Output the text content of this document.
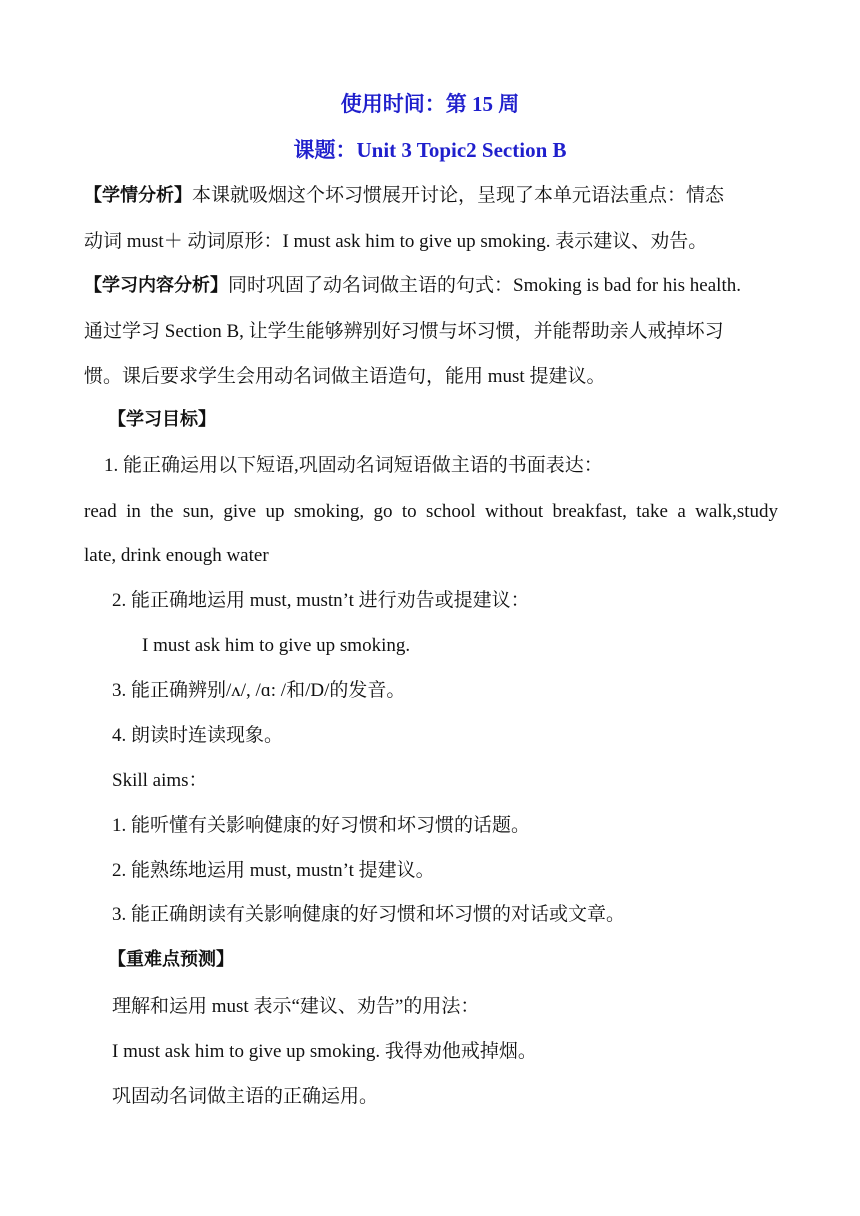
使用时间：第 15 周
课题：Unit 3 Topic2 Section B
【学情分析】本课就吸烟这个坏习惯展开讨论，呈现了本单元语法重点：情态
动词 must＋ 动词原形：I must ask him to give up smoking. 表示建议、劝告。
【学习内容分析】同时巩固了动名词做主语的句式：Smoking is bad for his health.
通过学习 Section B, 让学生能够辨别好习惯与坏习惯，并能帮助亲人戒掉坏习
惯。课后要求学生会用动名词做主语造句，能用 must 提建议。
【学习目标】
1. 能正确运用以下短语,巩固动名词短语做主语的书面表达：
read in the sun, give up smoking, go to school without breakfast, take a walk,study
late, drink enough water
2. 能正确地运用 must, mustn’t 进行劝告或提建议：
I must ask him to give up smoking.
3. 能正确辨别/ʌ/, /ɑ: /和/D/的发音。
4. 朗读时连读现象。
Skill aims：
1. 能听懂有关影响健康的好习惯和坏习惯的话题。
2. 能熟练地运用 must, mustn’t 提建议。
3. 能正确朗读有关影响健康的好习惯和坏习惯的对话或文章。
【重难点预测】
理解和运用 must 表示“建议、劝告”的用法：
I must ask him to give up smoking. 我得劝他戒掉烟。
巩固动名词做主语的正确运用。
